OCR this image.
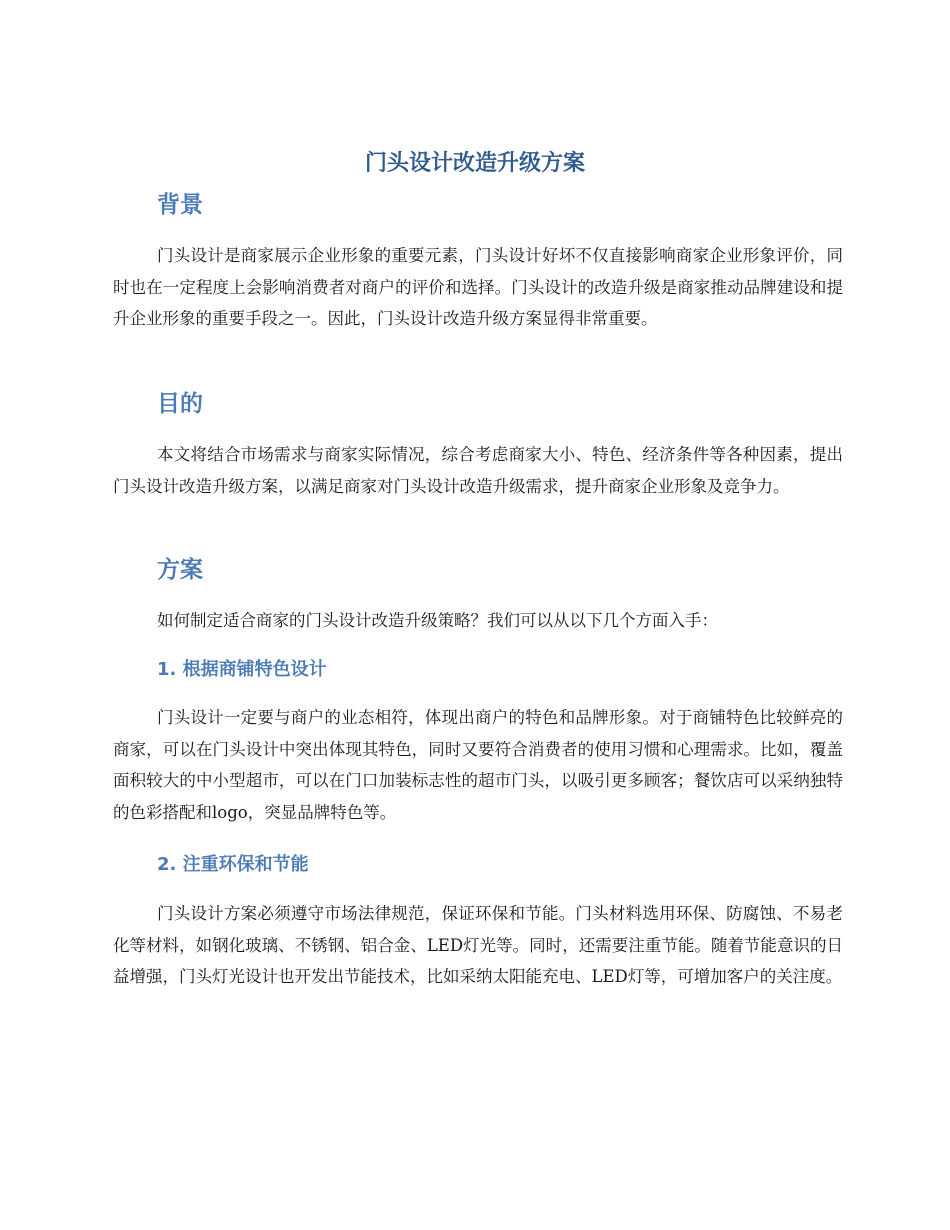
门头设计改造升级方案
背景

门头设计是商家展示企业形象的重要元素，门头设计好坏不仅直接影响商家企业形象评价，同时也在一定程度上会影响消费者对商户的评价和选择。门头设计的改造升级是商家推动品牌建设和提升企业形象的重要手段之一。因此，门头设计改造升级方案显得非常重要。

目的

本文将结合市场需求与商家实际情况，综合考虑商家大小、特色、经济条件等各种因素，提出门头设计改造升级方案，以满足商家对门头设计改造升级需求，提升商家企业形象及竞争力。

方案

如何制定适合商家的门头设计改造升级策略？我们可以从以下几个方面入手：

1. 根据商铺特色设计

门头设计一定要与商户的业态相符，体现出商户的特色和品牌形象。对于商铺特色比较鲜亮的商家，可以在门头设计中突出体现其特色，同时又要符合消费者的使用习惯和心理需求。比如，覆盖面积较大的中小型超市，可以在门口加装标志性的超市门头，以吸引更多顾客；餐饮店可以采纳独特的色彩搭配和logo，突显品牌特色等。

2. 注重环保和节能

门头设计方案必须遵守市场法律规范，保证环保和节能。门头材料选用环保、防腐蚀、不易老化等材料，如钢化玻璃、不锈钢、铝合金、LED灯光等。同时，还需要注重节能。随着节能意识的日益增强，门头灯光设计也开发出节能技术，比如采纳太阳能充电、LED灯等，可增加客户的关注度。
